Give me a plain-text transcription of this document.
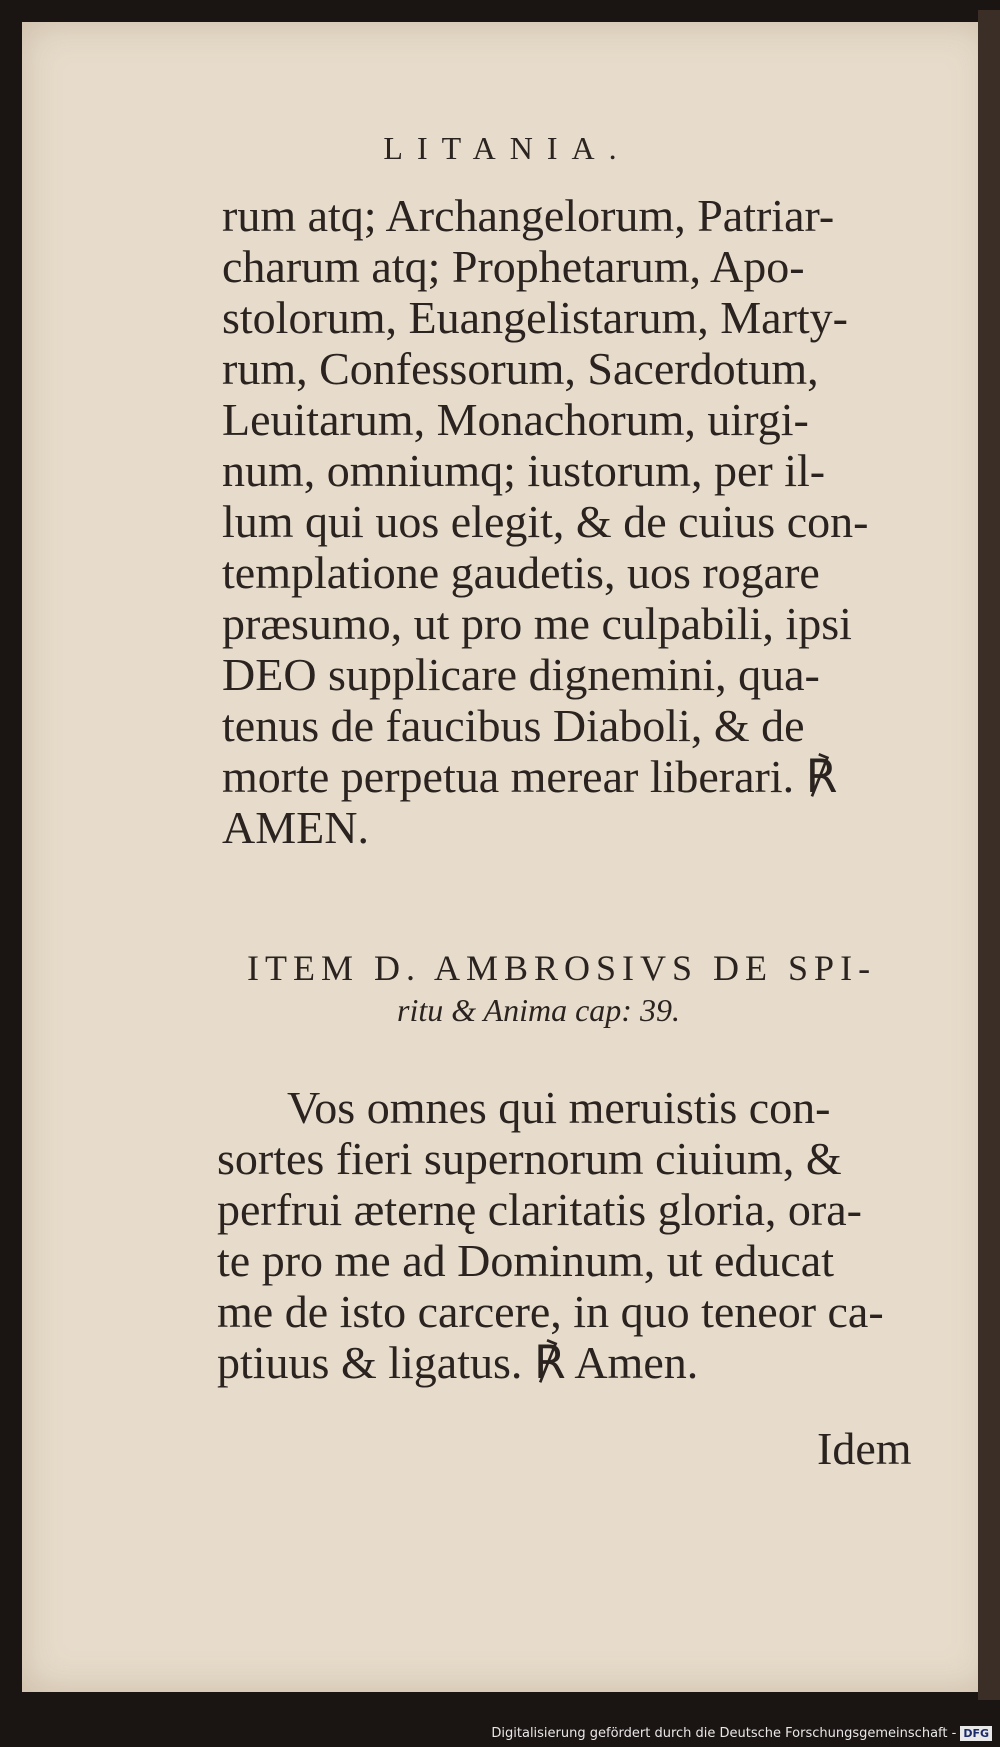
LITANIA.
rum atq; Archangelorum, Patriar-
charum atq; Prophetarum, Apo-
stolorum, Euangelistarum, Marty-
rum, Confessorum, Sacerdotum,
Leuitarum, Monachorum, uirgi-
num, omniumq; iustorum, per il-
lum qui uos elegit, & de cuius con-
templatione gaudetis, uos rogare
præsumo, ut pro me culpabili, ipsi
DEO supplicare dignemini, qua-
tenus de faucibus Diaboli, & de
morte perpetua merear liberari. ℟
AMEN.
ITEM D. AMBROSIVS DE SPI-
ritu & Anima cap: 39.
Vos omnes qui meruistis con-
sortes fieri supernorum ciuium, &
perfrui æternę claritatis gloria, ora-
te pro me ad Dominum, ut educat
me de isto carcere, in quo teneor ca-
ptiuus & ligatus. ℟ Amen.
Idem
Digitalisierung gefördert durch die Deutsche Forschungsgemeinschaft - DFG
